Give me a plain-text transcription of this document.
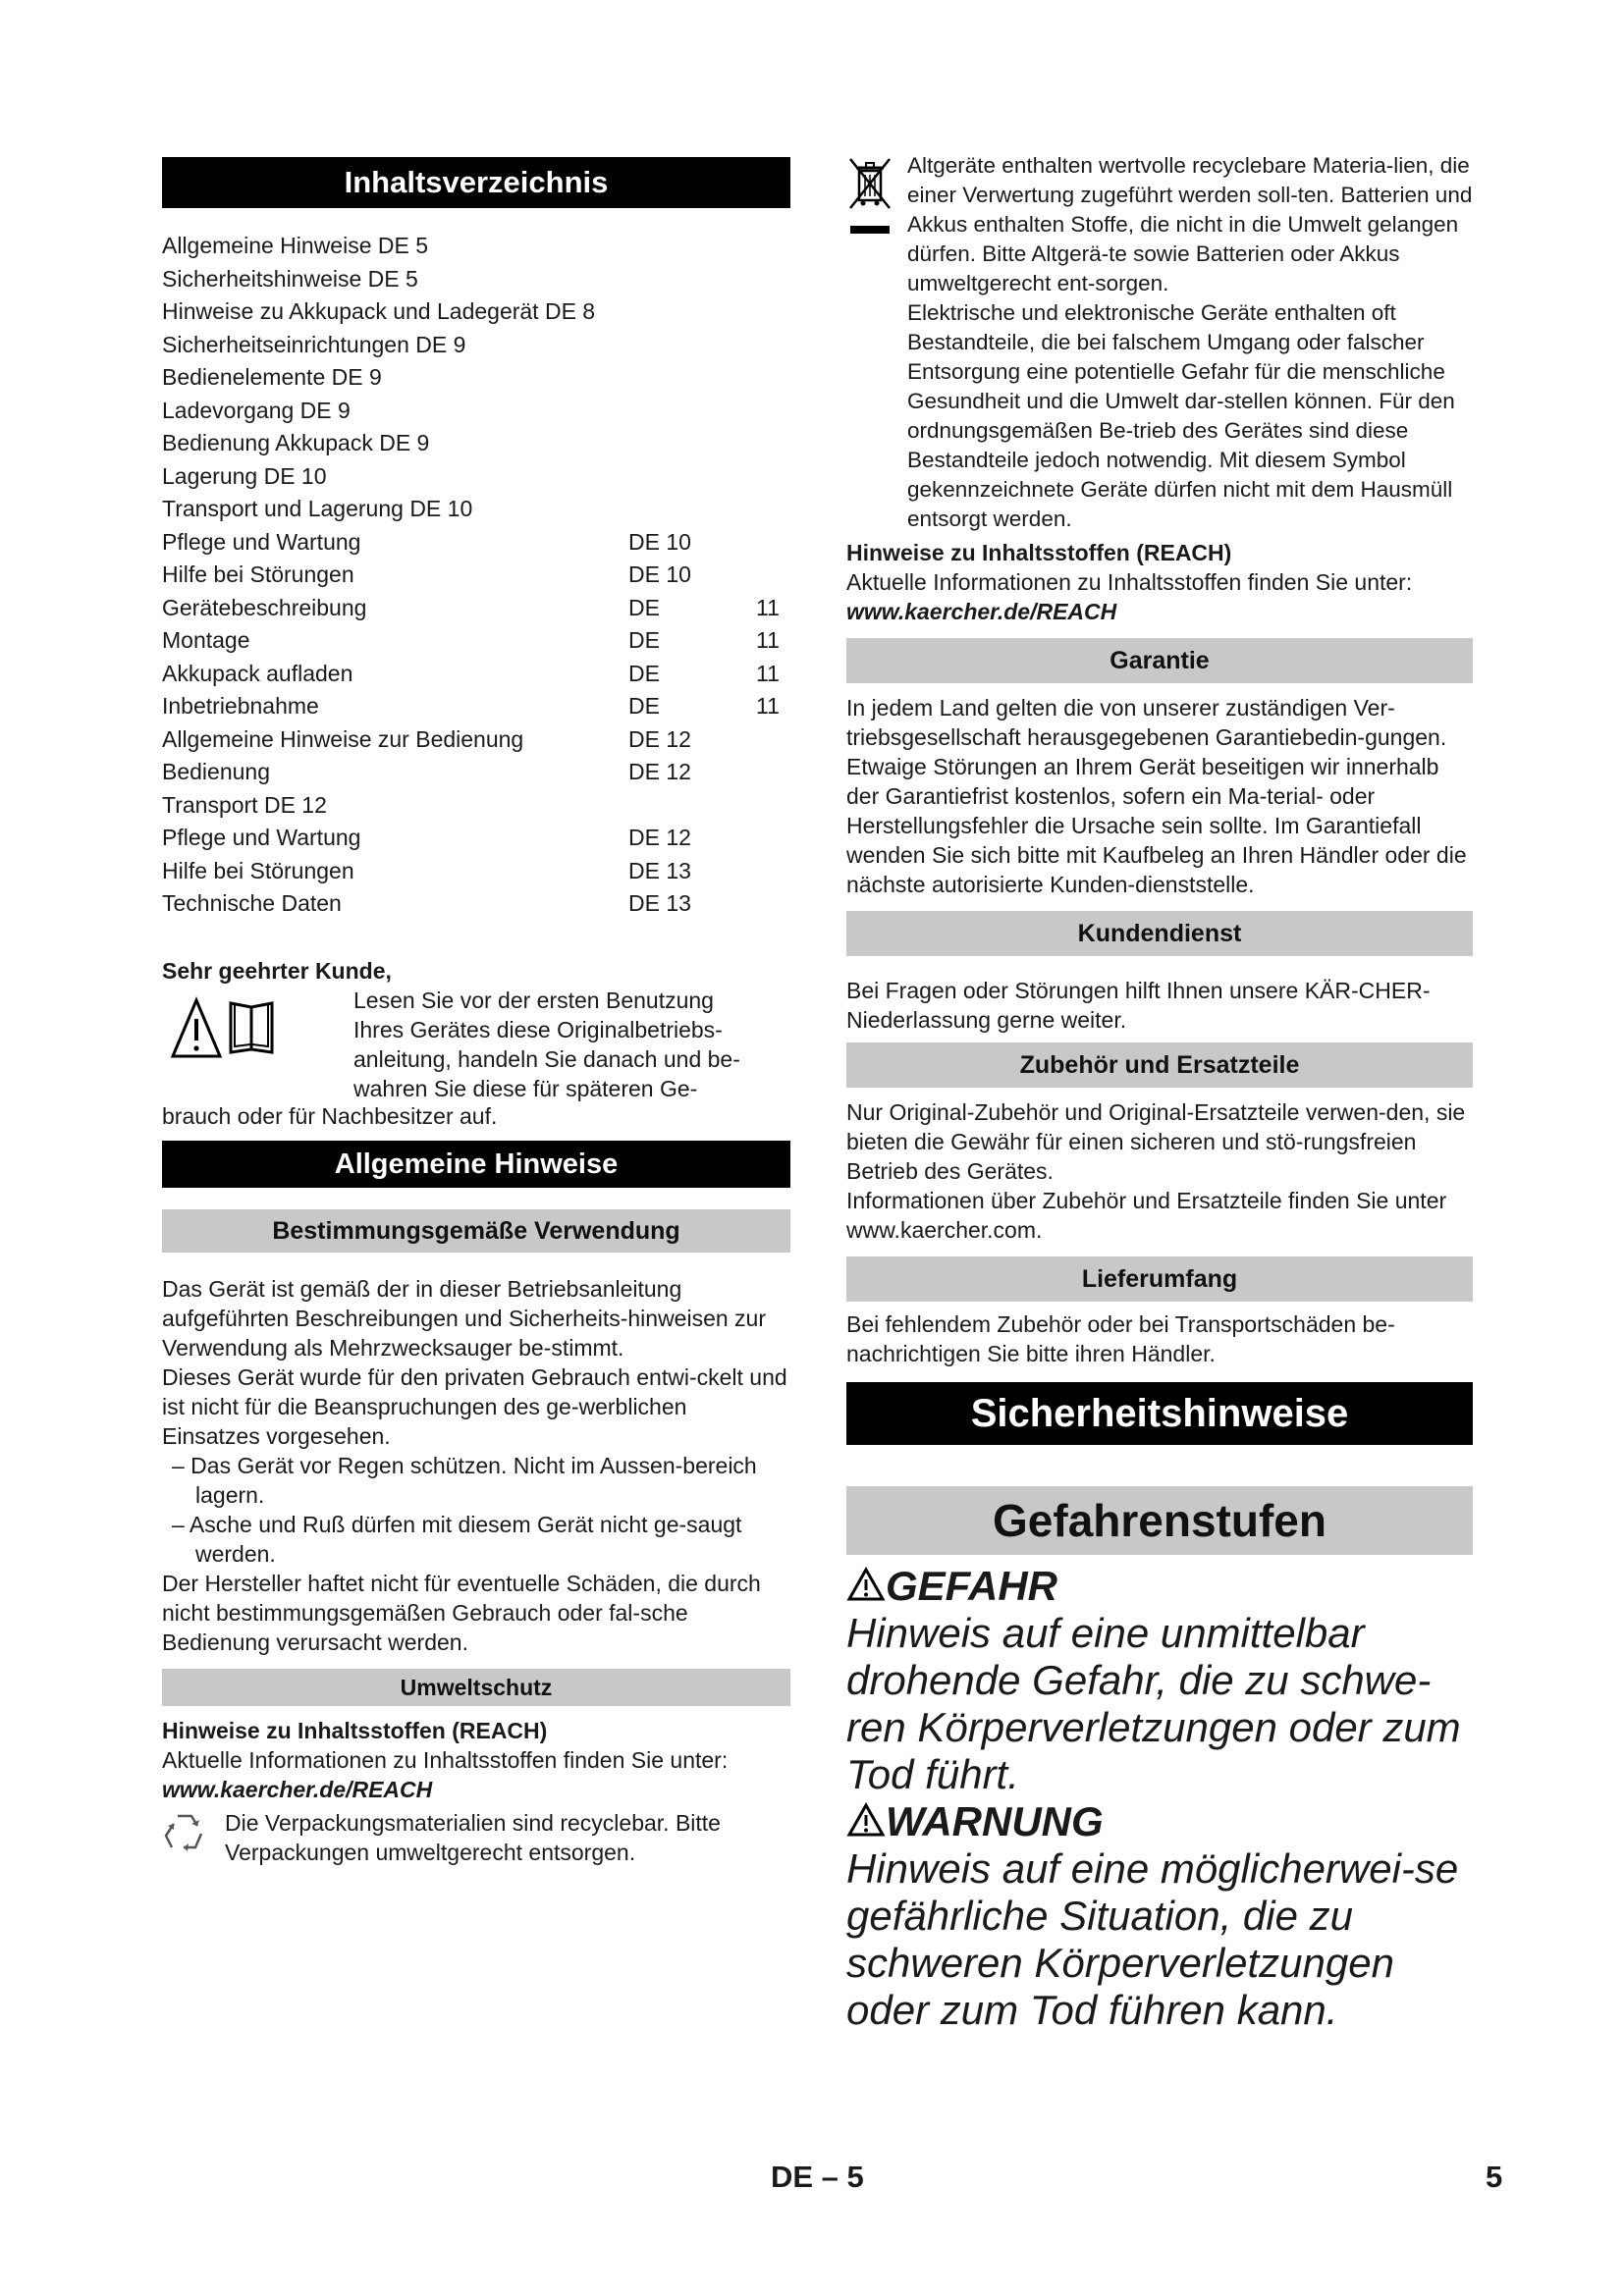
Inhaltsverzeichnis
Allgemeine Hinweise DE 5
Sicherheitshinweise DE 5
Hinweise zu Akkupack und Ladegerät DE 8
Sicherheitseinrichtungen DE 9
Bedienelemente DE 9
Ladevorgang DE 9
Bedienung Akkupack DE 9
Lagerung DE 10
Transport und Lagerung DE 10
Pflege und Wartung	DE 10
Hilfe bei Störungen	DE 10
Gerätebeschreibung	DE	11
Montage	DE	11
Akkupack aufladen	DE	11
Inbetriebnahme	DE	11
Allgemeine Hinweise zur Bedienung	DE 12
Bedienung	DE 12
Transport DE 12
Pflege und Wartung	DE 12
Hilfe bei Störungen	DE 13
Technische Daten	DE 13
Sehr geehrter Kunde,
Lesen Sie vor der ersten Benutzung
Ihres Gerätes diese Originalbetriebs-
anleitung, handeln Sie danach und be-
wahren Sie diese für späteren Ge-
brauch oder für Nachbesitzer auf.
Allgemeine Hinweise
Bestimmungsgemäße Verwendung

Das Gerät ist gemäß der in dieser Betriebsanleitung aufgeführten Beschreibungen und Sicherheits-hinweisen zur Verwendung als Mehrzwecksauger be-stimmt.

Dieses Gerät wurde für den privaten Gebrauch entwi-ckelt und ist nicht für die Beanspruchungen des ge-werblichen Einsatzes vorgesehen.

– Das Gerät vor Regen schützen. Nicht im Aussen-bereich lagern.

– Asche und Ruß dürfen mit diesem Gerät nicht ge-saugt werden.

Der Hersteller haftet nicht für eventuelle Schäden, die durch nicht bestimmungsgemäßen Gebrauch oder fal-sche Bedienung verursacht werden.

Umweltschutz

Hinweise zu Inhaltsstoffen (REACH)

Aktuelle Informationen zu Inhaltsstoffen finden Sie unter:

www.kaercher.de/REACH

Die Verpackungsmaterialien sind recyclebar. Bitte Verpackungen umweltgerecht entsorgen.

Altgeräte enthalten wertvolle recyclebare Materia-lien, die einer Verwertung zugeführt werden soll-ten. Batterien und Akkus enthalten Stoffe, die nicht in die Umwelt gelangen dürfen. Bitte Altgerä-te sowie Batterien oder Akkus umweltgerecht ent-sorgen.

Elektrische und elektronische Geräte enthalten oft Bestandteile, die bei falschem Umgang oder falscher Entsorgung eine potentielle Gefahr für die menschliche Gesundheit und die Umwelt dar-stellen können. Für den ordnungsgemäßen Be-trieb des Gerätes sind diese Bestandteile jedoch notwendig. Mit diesem Symbol gekennzeichnete Geräte dürfen nicht mit dem Hausmüll entsorgt werden.

Hinweise zu Inhaltsstoffen (REACH)

Aktuelle Informationen zu Inhaltsstoffen finden Sie unter:

www.kaercher.de/REACH

Garantie

In jedem Land gelten die von unserer zuständigen Ver-triebsgesellschaft herausgegebenen Garantiebedin-gungen. Etwaige Störungen an Ihrem Gerät beseitigen wir innerhalb der Garantiefrist kostenlos, sofern ein Ma-terial- oder Herstellungsfehler die Ursache sein sollte. Im Garantiefall wenden Sie sich bitte mit Kaufbeleg an Ihren Händler oder die nächste autorisierte Kunden-dienststelle.

Kundendienst

Bei Fragen oder Störungen hilft Ihnen unsere KÄR-CHER-Niederlassung gerne weiter.

Zubehör und Ersatzteile

Nur Original-Zubehör und Original-Ersatzteile verwen-den, sie bieten die Gewähr für einen sicheren und stö-rungsfreien Betrieb des Gerätes.

Informationen über Zubehör und Ersatzteile finden Sie unter www.kaercher.com.

Lieferumfang

Bei fehlendem Zubehör oder bei Transportschäden be-nachrichtigen Sie bitte ihren Händler.

Sicherheitshinweise
Gefahrenstufen
GEFAHR
Hinweis auf eine unmittelbar drohende Gefahr, die zu schwe-ren Körperverletzungen oder zum Tod führt.
WARNUNG
Hinweis auf eine möglicherwei-se gefährliche Situation, die zu schweren Körperverletzungen oder zum Tod führen kann.
DE – 5	5
